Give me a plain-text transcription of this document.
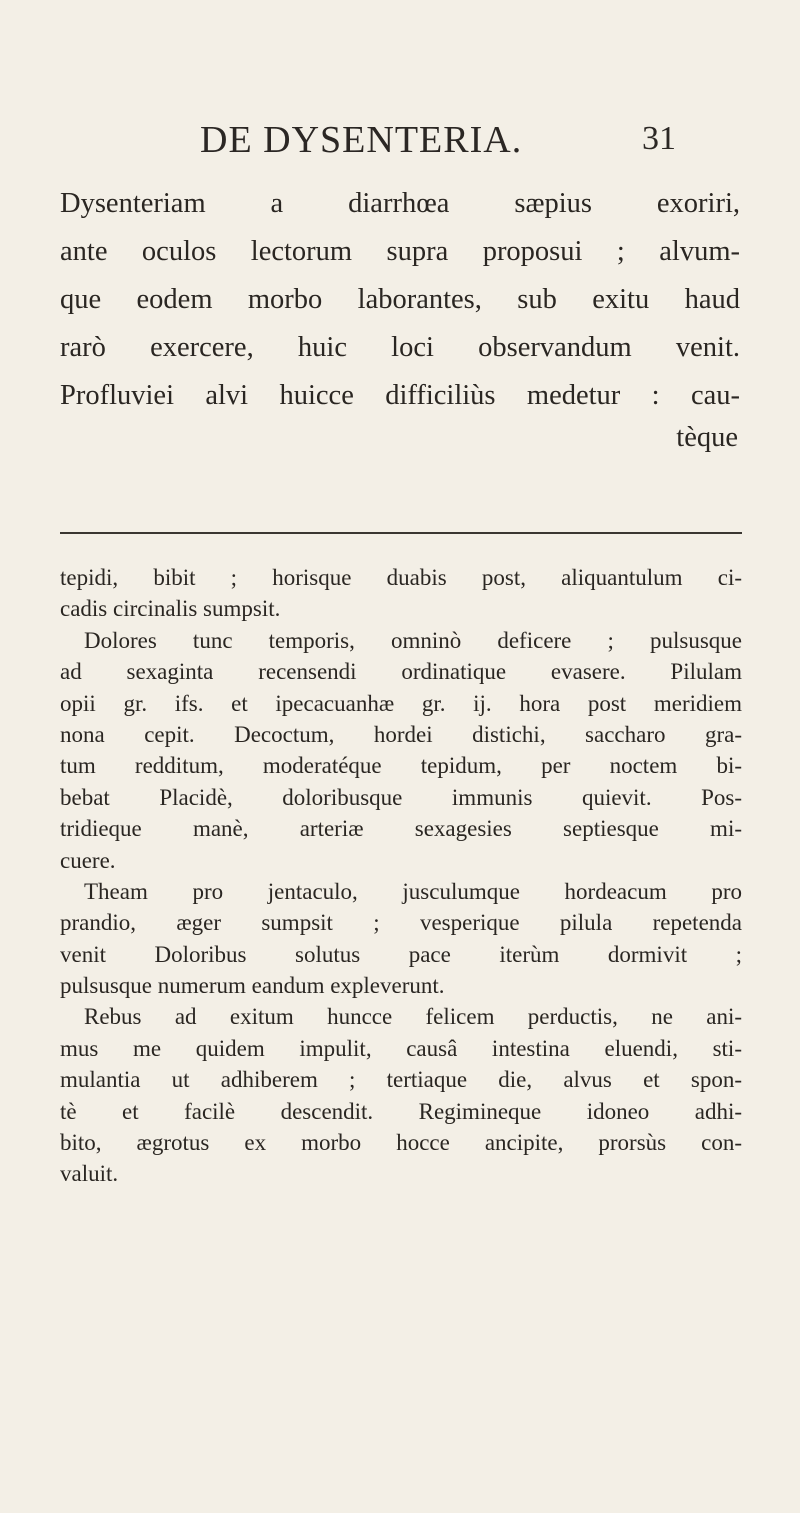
DE DYSENTERIA.	31
Dysenteriam a diarrhœa sæpius exoriri,
ante oculos lectorum supra proposui ; alvum-
que eodem morbo laborantes, sub exitu haud
rarò exercere, huic loci observandum venit.
Profluviei alvi huicce difficiliùs medetur : cau-
tèque
tepidi, bibit ; horisque duabis post, aliquantulum ci-
cadis circinalis sumpsit.
Dolores tunc temporis, omninò deficere ; pulsusque
ad sexaginta recensendi ordinatique evasere. Pilulam
opii gr. ifs. et ipecacuanhæ gr. ij. hora post meridiem
nona cepit. Decoctum, hordei distichi, saccharo gra-
tum redditum, moderatéque tepidum, per noctem bi-
bebat Placidè, doloribusque immunis quievit. Pos-
tridieque manè, arteriæ sexagesies septiesque mi-
cuere.
Theam pro jentaculo, jusculumque hordeacum pro
prandio, æger sumpsit ; vesperique pilula repetenda
venit Doloribus solutus pace iterùm dormivit ;
pulsusque numerum eandum expleverunt.
Rebus ad exitum huncce felicem perductis, ne ani-
mus me quidem impulit, causâ intestina eluendi, sti-
mulantia ut adhiberem ; tertiaque die, alvus et spon-
tè et facilè descendit. Regimineque idoneo adhi-
bito, ægrotus ex morbo hocce ancipite, prorsùs con-
valuit.
